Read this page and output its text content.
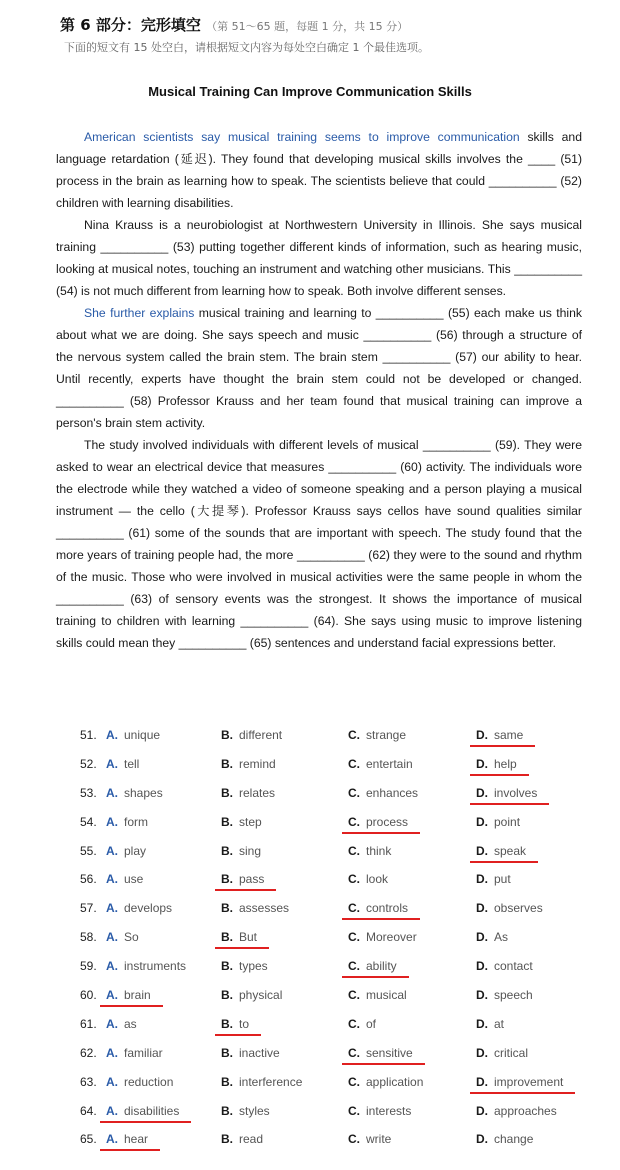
第 6 部分：完形填空 （第 51～65 题，每题 1 分，共 15 分）
下面的短文有 15 处空白，请根据短文内容为每处空白确定 1 个最佳选项。
Musical Training Can Improve Communication Skills

American scientists say musical training seems to improve communication skills and language retardation (延迟). They found that developing musical skills involves the ____ (51) process in the brain as learning how to speak. The scientists believe that could __________ (52) children with learning disabilities.

Nina Krauss is a neurobiologist at Northwestern University in Illinois. She says musical training __________ (53) putting together different kinds of information, such as hearing music, looking at musical notes, touching an instrument and watching other musicians. This __________ (54) is not much different from learning how to speak. Both involve different senses.

She further explains musical training and learning to __________ (55) each make us think about what we are doing. She says speech and music __________ (56) through a structure of the nervous system called the brain stem. The brain stem __________ (57) our ability to hear. Until recently, experts have thought the brain stem could not be developed or changed. __________ (58) Professor Krauss and her team found that musical training can improve a person's brain stem activity.

The study involved individuals with different levels of musical __________ (59). They were asked to wear an electrical device that measures __________ (60) activity. The individuals wore the electrode while they watched a video of someone speaking and a person playing a musical instrument — the cello (大提琴). Professor Krauss says cellos have sound qualities similar __________ (61) some of the sounds that are important with speech. The study found that the more years of training people had, the more __________ (62) they were to the sound and rhythm of the music. Those who were involved in musical activities were the same people in whom the __________ (63) of sensory events was the strongest. It shows the importance of musical training to children with learning __________ (64). She says using music to improve listening skills could mean they __________ (65) sentences and understand facial expressions better.

51. A. unique	B. different	C. strange	D. same
52. A. tell	B. remind	C. entertain	D. help
53. A. shapes	B. relates	C. enhances	D. involves
54. A. form	B. step	C. process	D. point
55. A. play	B. sing	C. think	D. speak
56. A. use	B. pass	C. look	D. put
57. A. develops	B. assesses	C. controls	D. observes
58. A. So	B. But	C. Moreover	D. As
59. A. instruments	B. types	C. ability	D. contact
60. A. brain	B. physical	C. musical	D. speech
61. A. as	B. to	C. of	D. at
62. A. familiar	B. inactive	C. sensitive	D. critical
63. A. reduction	B. interference	C. application	D. improvement
64. A. disabilities	B. styles	C. interests	D. approaches
65. A. hear	B. read	C. write	D. change
